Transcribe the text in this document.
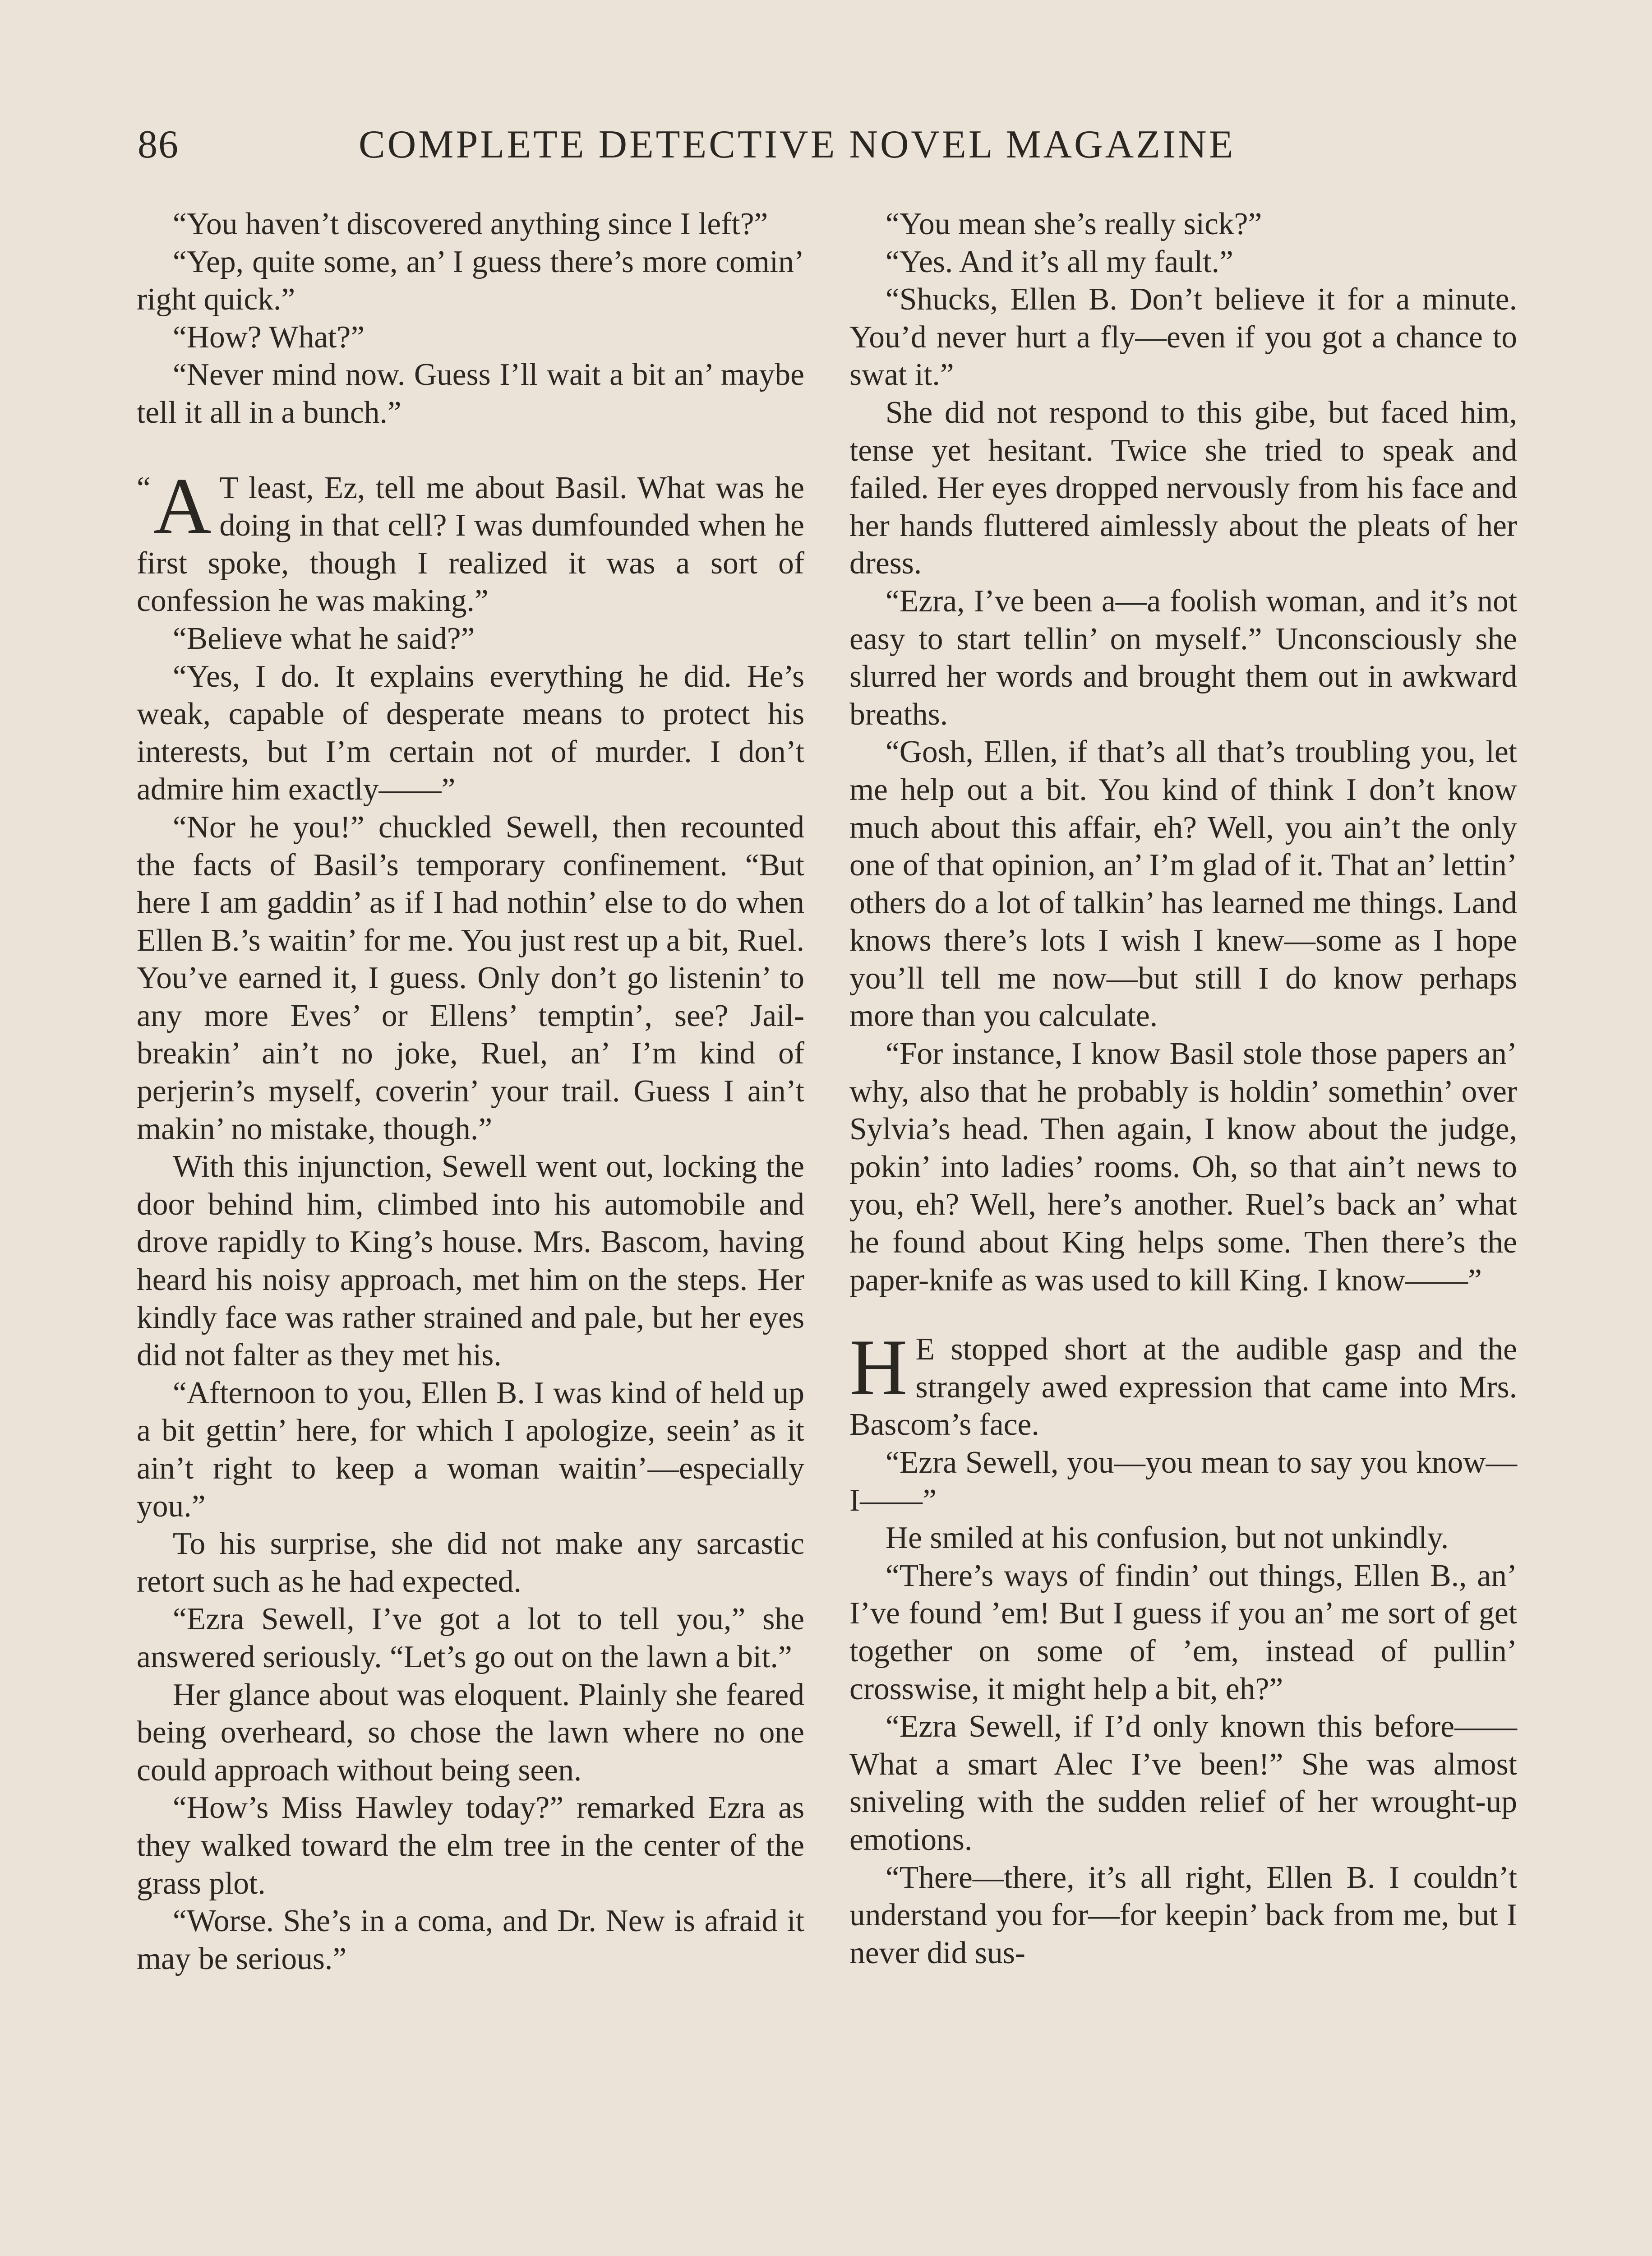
86	COMPLETE DETECTIVE NOVEL MAGAZINE

“You haven’t discovered anything since I left?”

“Yep, quite some, an’ I guess there’s more comin’ right quick.”

“How? What?”

“Never mind now. Guess I’ll wait a bit an’ maybe tell it all in a bunch.”

“ A T least, Ez, tell me about Basil. What was he doing in that cell? I was dumfounded when he first spoke, though I realized it was a sort of confession he was making.”

“Believe what he said?”

“Yes, I do. It explains everything he did. He’s weak, capable of desperate means to protect his interests, but I’m certain not of murder. I don’t admire him exactly——”

“Nor he you!” chuckled Sewell, then recounted the facts of Basil’s temporary confinement. “But here I am gaddin’ as if I had nothin’ else to do when Ellen B.’s waitin’ for me. You just rest up a bit, Ruel. You’ve earned it, I guess. Only don’t go listenin’ to any more Eves’ or Ellens’ temptin’, see? Jail-breakin’ ain’t no joke, Ruel, an’ I’m kind of perjerin’s myself, coverin’ your trail. Guess I ain’t makin’ no mistake, though.”

With this injunction, Sewell went out, locking the door behind him, climbed into his automobile and drove rapidly to King’s house. Mrs. Bascom, having heard his noisy approach, met him on the steps. Her kindly face was rather strained and pale, but her eyes did not falter as they met his.

“Afternoon to you, Ellen B. I was kind of held up a bit gettin’ here, for which I apologize, seein’ as it ain’t right to keep a woman waitin’—especially you.”

To his surprise, she did not make any sarcastic retort such as he had expected.

“Ezra Sewell, I’ve got a lot to tell you,” she answered seriously. “Let’s go out on the lawn a bit.”

Her glance about was eloquent. Plainly she feared being overheard, so chose the lawn where no one could approach without being seen.

“How’s Miss Hawley today?” remarked Ezra as they walked toward the elm tree in the center of the grass plot.

“Worse. She’s in a coma, and Dr. New is afraid it may be serious.”

“You mean she’s really sick?”

“Yes. And it’s all my fault.”

“Shucks, Ellen B. Don’t believe it for a minute. You’d never hurt a fly—even if you got a chance to swat it.”

She did not respond to this gibe, but faced him, tense yet hesitant. Twice she tried to speak and failed. Her eyes dropped nervously from his face and her hands fluttered aimlessly about the pleats of her dress.

“Ezra, I’ve been a—a foolish woman, and it’s not easy to start tellin’ on myself.” Unconsciously she slurred her words and brought them out in awkward breaths.

“Gosh, Ellen, if that’s all that’s troubling you, let me help out a bit. You kind of think I don’t know much about this affair, eh? Well, you ain’t the only one of that opinion, an’ I’m glad of it. That an’ lettin’ others do a lot of talkin’ has learned me things. Land knows there’s lots I wish I knew—some as I hope you’ll tell me now—but still I do know perhaps more than you calculate.

“For instance, I know Basil stole those papers an’ why, also that he probably is holdin’ somethin’ over Sylvia’s head. Then again, I know about the judge, pokin’ into ladies’ rooms. Oh, so that ain’t news to you, eh? Well, here’s another. Ruel’s back an’ what he found about King helps some. Then there’s the paper-knife as was used to kill King. I know——”

H E stopped short at the audible gasp and the strangely awed expression that came into Mrs. Bascom’s face.

“Ezra Sewell, you—you mean to say you know—I——”

He smiled at his confusion, but not unkindly.

“There’s ways of findin’ out things, Ellen B., an’ I’ve found ’em! But I guess if you an’ me sort of get together on some of ’em, instead of pullin’ crosswise, it might help a bit, eh?”

“Ezra Sewell, if I’d only known this before—— What a smart Alec I’ve been!” She was almost sniveling with the sudden relief of her wrought-up emotions.

“There—there, it’s all right, Ellen B. I couldn’t understand you for—for keepin’ back from me, but I never did sus-
